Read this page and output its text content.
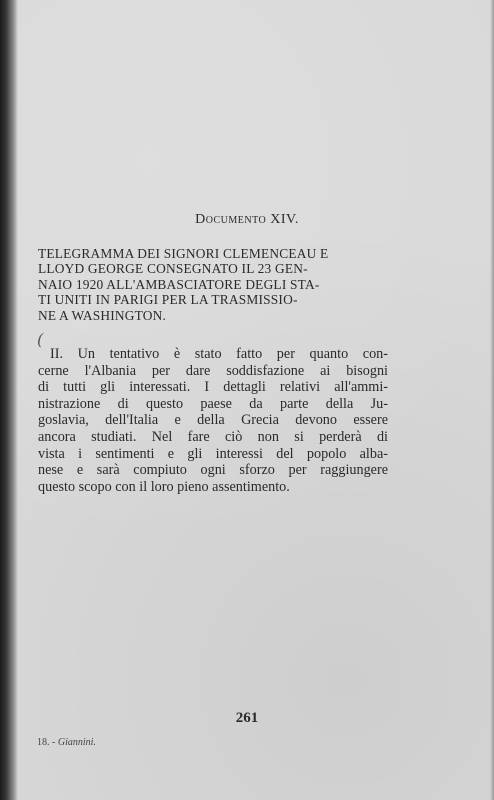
Documento XIV.
TELEGRAMMA DEI SIGNORI CLEMENCEAU E
LLOYD GEORGE CONSEGNATO IL 23 GEN-
NAIO 1920 ALL'AMBASCIATORE DEGLI STA-
TI UNITI IN PARIGI PER LA TRASMISSIO-
NE A WASHINGTON.
(
II. Un tentativo è stato fatto per quanto con-
cerne l'Albania per dare soddisfazione ai bisogni
di tutti gli interessati. I dettagli relativi all'ammi-
nistrazione di questo paese da parte della Ju-
goslavia, dell'Italia e della Grecia devono essere
ancora studiati. Nel fare ciò non si perderà di
vista i sentimenti e gli interessi del popolo alba-
nese e sarà compiuto ogni sforzo per raggiungere
questo scopo con il loro pieno assentimento.
261
18. - Giannini.
